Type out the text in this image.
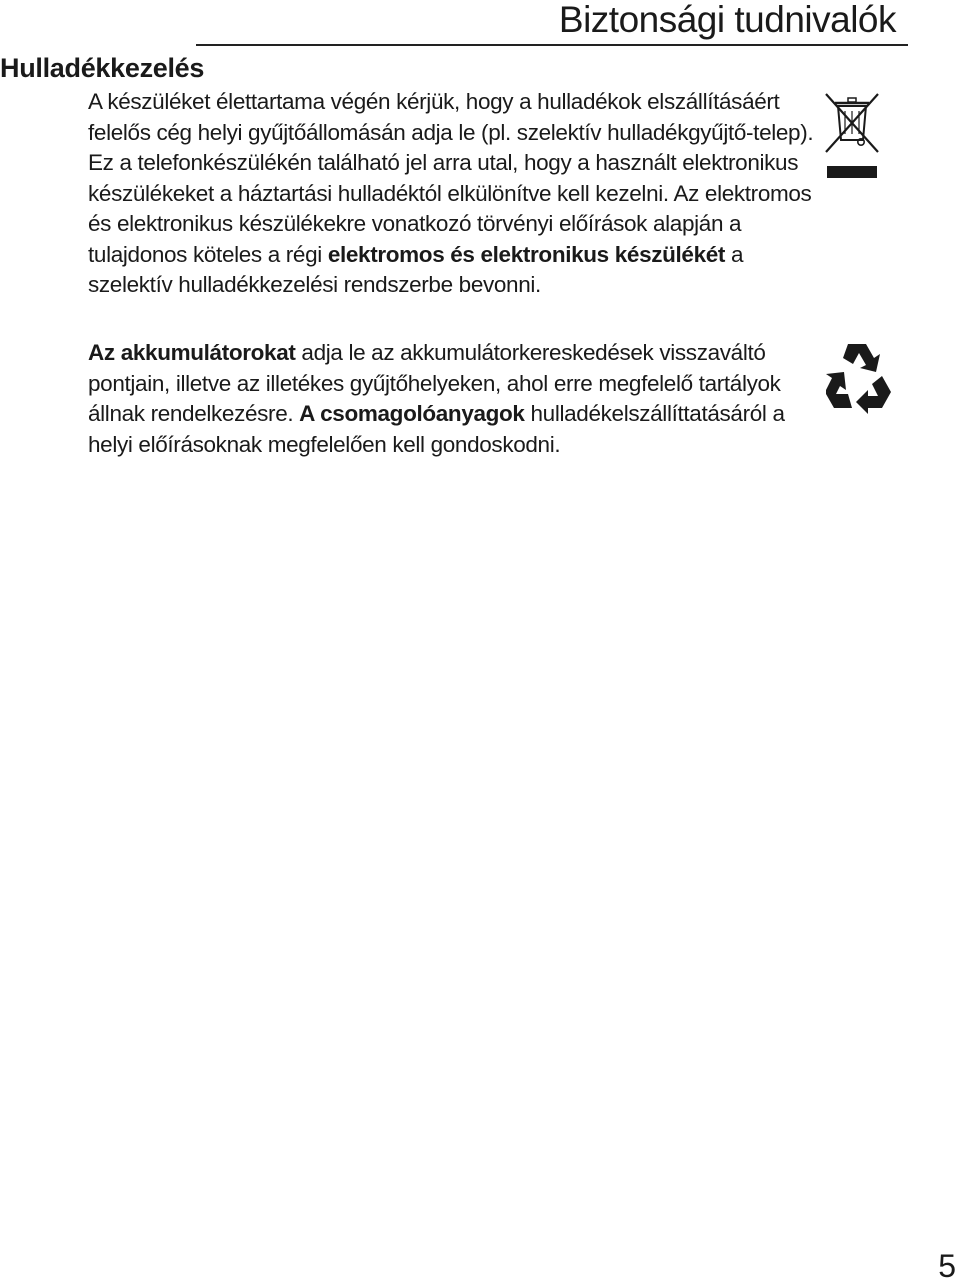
Biztonsági tudnivalók
Hulladékkezelés

A készüléket élettartama végén kérjük, hogy a hulladékok elszállításáért felelős cég helyi gyűjtőállomásán adja le (pl. szelektív hulladékgyűjtő-telep). Ez a telefonkészülékén található jel arra utal, hogy a használt elektronikus készülékeket a háztartási hulladéktól elkülönítve kell kezelni. Az elektromos és elektronikus készülékekre vonatkozó törvényi előírások alapján a tulajdonos köteles a régi elektromos és elektronikus készülékét a szelektív hulladékkezelési rendszerbe bevonni.

Az akkumulátorokat adja le az akkumulátorkereskedések visszaváltó pontjain, illetve az illetékes gyűjtőhelyeken, ahol erre megfelelő tartályok állnak rendelkezésre. A csomagolóanyagok hulladékelszállíttatásáról a helyi előírásoknak megfelelően kell gondoskodni.

5
